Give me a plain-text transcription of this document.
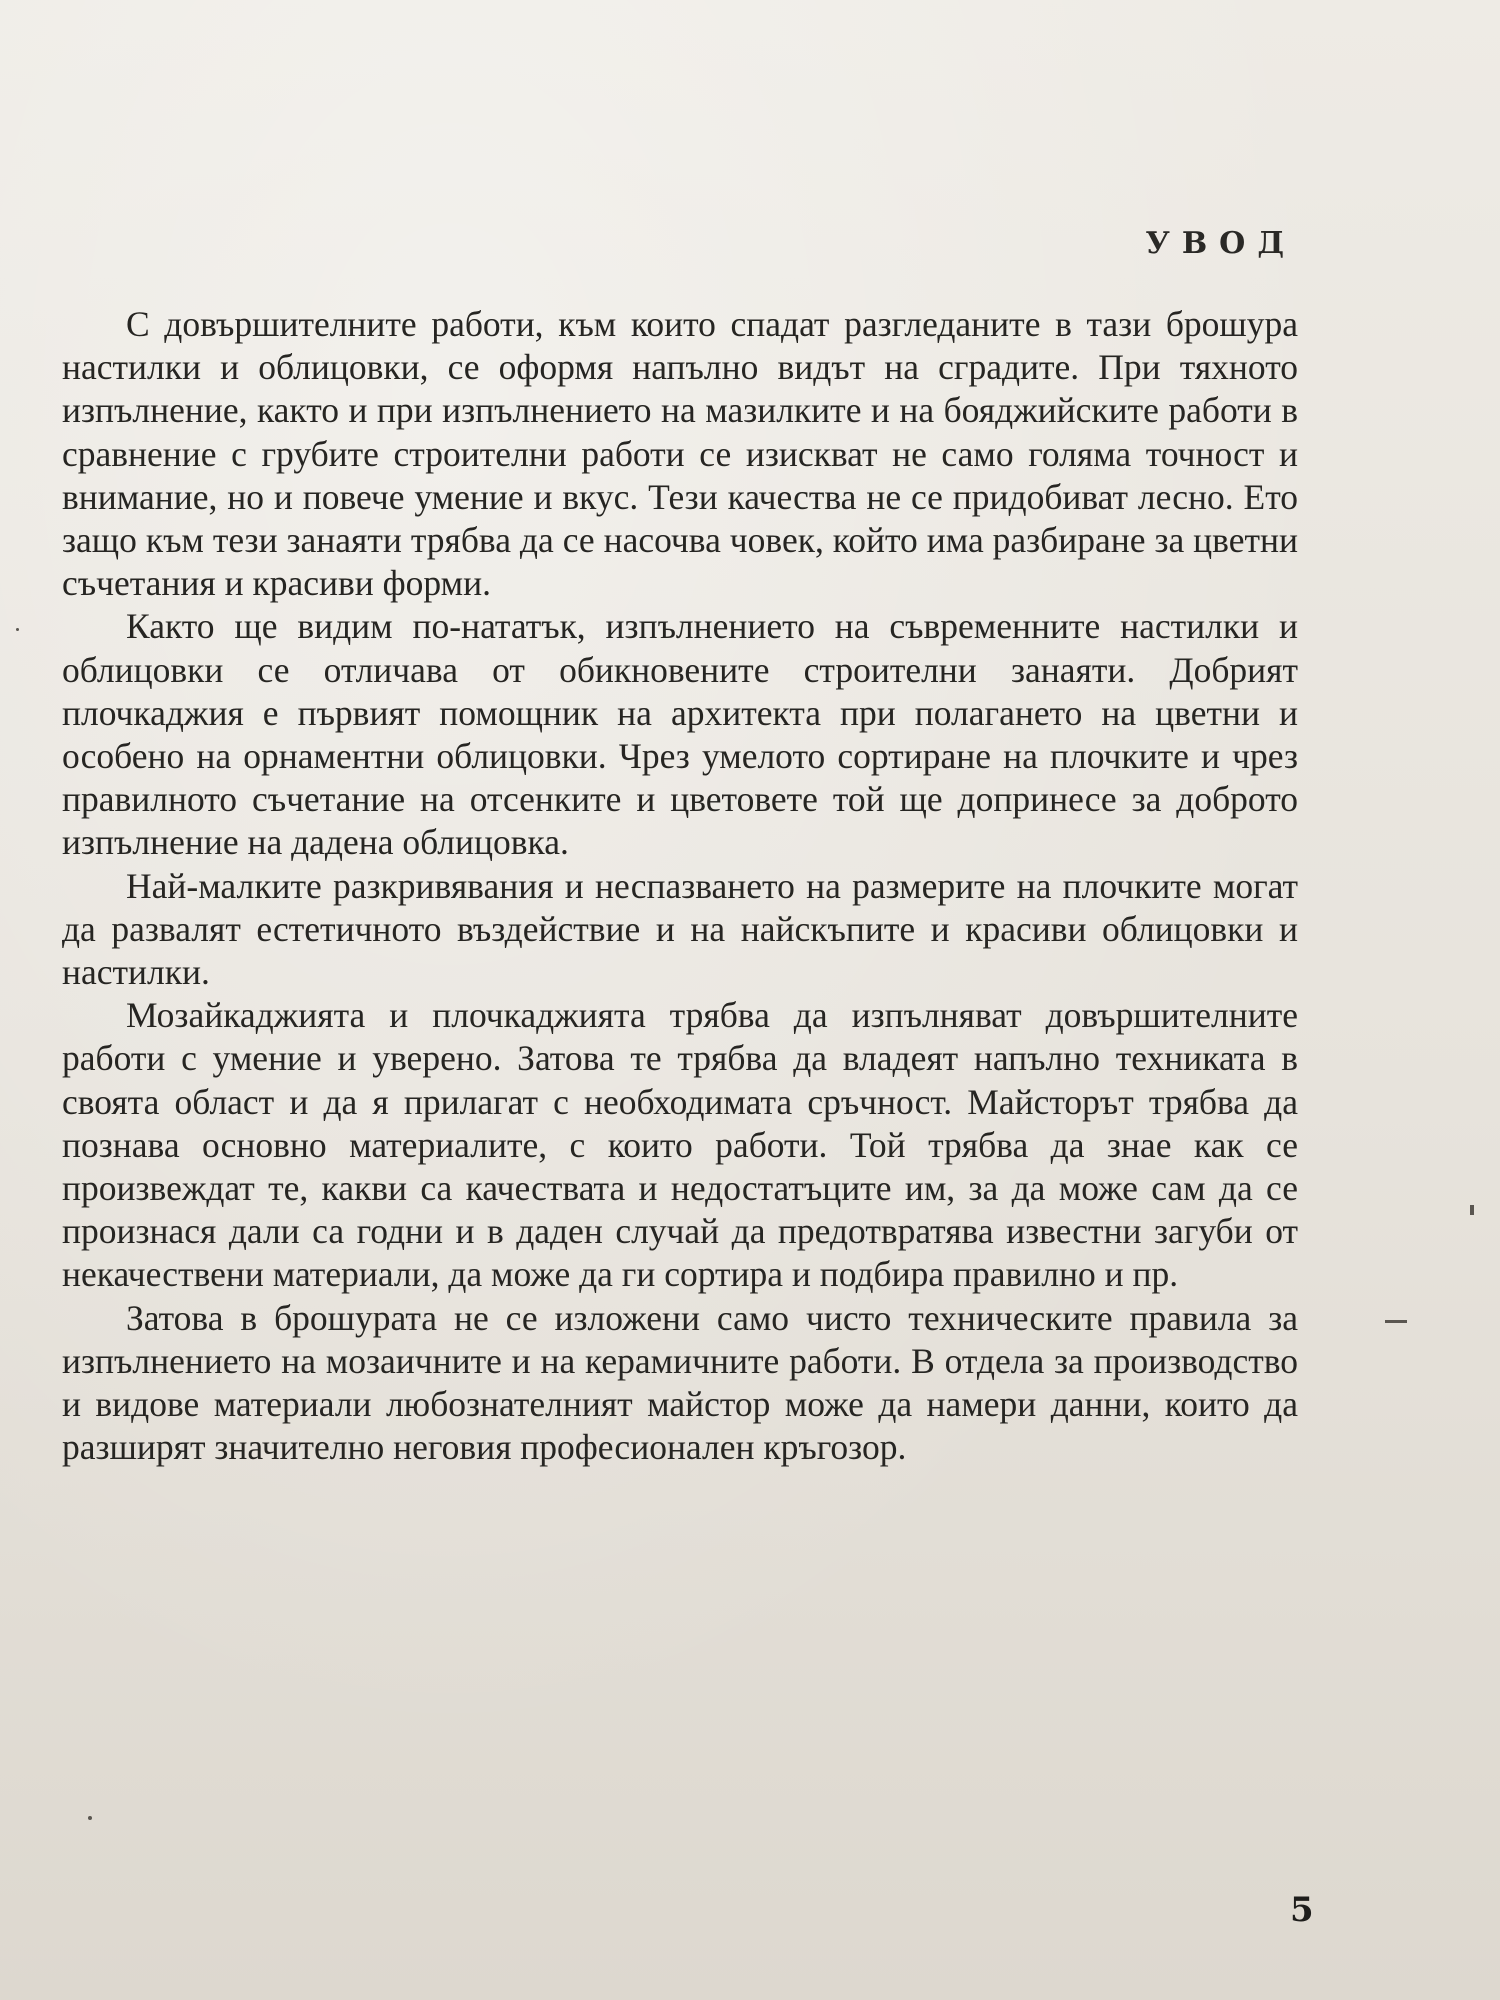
УВОД

С довършителните работи, към които спадат разгледаните в тази брошура настилки и облицовки, се оформя напълно видът на сградите. При тяхното изпълнение, както и при изпълнението на мазилките и на бояджийските работи в сравнение с грубите строителни работи се изискват не само голяма точност и внимание, но и повече умение и вкус. Тези качества не се придобиват лесно. Ето защо към тези занаяти трябва да се насочва човек, който има разбиране за цветни съчетания и красиви форми.

Както ще видим по-нататък, изпълнението на съвременните настилки и облицовки се отличава от обикновените строителни занаяти. Добрият плочкаджия е първият помощник на архитекта при полагането на цветни и особено на орнаментни облицовки. Чрез умелото сортиране на плочките и чрез правилното съчетание на отсенките и цветовете той ще допринесе за доброто изпълнение на дадена облицовка.

Най-малките разкривявания и неспазването на размерите на плочките могат да развалят естетичното въздействие и на найскъпите и красиви облицовки и настилки.

Мозайкаджията и плочкаджията трябва да изпълняват довършителните работи с умение и уверено. Затова те трябва да владеят напълно техниката в своята област и да я прилагат с необходимата сръчност. Майсторът трябва да познава основно материалите, с които работи. Той трябва да знае как се произвеждат те, какви са качествата и недостатъците им, за да може сам да се произнася дали са годни и в даден случай да предотвратява известни загуби от некачествени материали, да може да ги сортира и подбира правилно и пр.

Затова в брошурата не се изложени само чисто техническите правила за изпълнението на мозаичните и на керамичните работи. В отдела за производство и видове материали любознателният майстор може да намери данни, които да разширят значително неговия професионален кръгозор.

5
